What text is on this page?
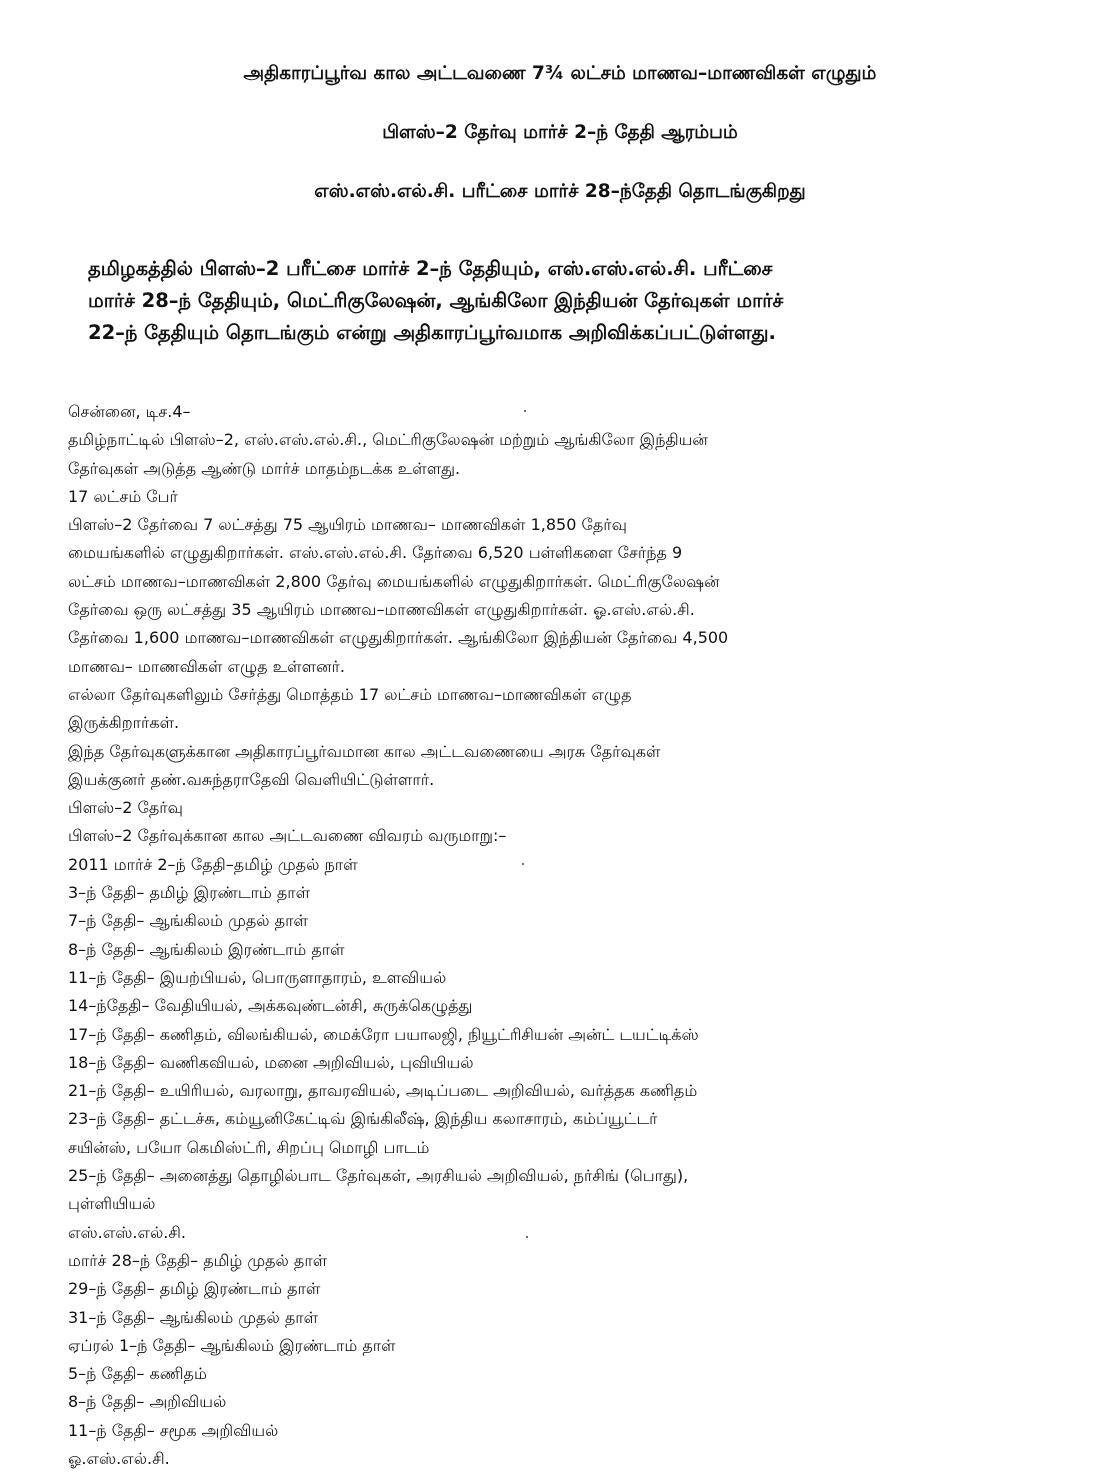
அதிகாரப்பூர்வ கால அட்டவணை 7¾ லட்சம் மாணவ–மாணவிகள் எழுதும்
பிளஸ்–2 தேர்வு மார்ச் 2–ந் தேதி ஆரம்பம்
எஸ்.எஸ்.எல்.சி. பரீட்சை மார்ச் 28–ந்தேதி தொடங்குகிறது
தமிழகத்தில் பிளஸ்–2 பரீட்சை மார்ச் 2–ந் தேதியும், எஸ்.எஸ்.எல்.சி. பரீட்சை
மார்ச் 28–ந் தேதியும், மெட்ரிகுலேஷன், ஆங்கிலோ இந்தியன் தேர்வுகள் மார்ச்
22–ந் தேதியும் தொடங்கும் என்று அதிகாரப்பூர்வமாக அறிவிக்கப்பட்டுள்ளது.
சென்னை, டிச.4–
தமிழ்நாட்டில் பிளஸ்–2, எஸ்.எஸ்.எல்.சி., மெட்ரிகுலேஷன் மற்றும் ஆங்கிலோ இந்தியன்
தேர்வுகள் அடுத்த ஆண்டு மார்ச் மாதம்நடக்க உள்ளது.
17 லட்சம் பேர்
பிளஸ்–2 தேர்வை 7 லட்சத்து 75 ஆயிரம் மாணவ– மாணவிகள் 1,850 தேர்வு
மையங்களில் எழுதுகிறார்கள். எஸ்.எஸ்.எல்.சி. தேர்வை 6,520 பள்ளிகளை சேர்ந்த 9
லட்சம் மாணவ–மாணவிகள் 2,800 தேர்வு மையங்களில் எழுதுகிறார்கள். மெட்ரிகுலேஷன்
தேர்வை ஒரு லட்சத்து 35 ஆயிரம் மாணவ–மாணவிகள் எழுதுகிறார்கள். ஓ.எஸ்.எல்.சி.
தேர்வை 1,600 மாணவ–மாணவிகள் எழுதுகிறார்கள். ஆங்கிலோ இந்தியன் தேர்வை 4,500
மாணவ– மாணவிகள் எழுத உள்ளனர்.
எல்லா தேர்வுகளிலும் சேர்த்து மொத்தம் 17 லட்சம் மாணவ–மாணவிகள் எழுத
இருக்கிறார்கள்.
இந்த தேர்வுகளுக்கான அதிகாரப்பூர்வமான கால அட்டவணையை அரசு தேர்வுகள்
இயக்குனர் தண்.வசுந்தராதேவி வெளியிட்டுள்ளார்.
பிளஸ்–2 தேர்வு
பிளஸ்–2 தேர்வுக்கான கால அட்டவணை விவரம் வருமாறு:–
2011 மார்ச் 2–ந் தேதி–தமிழ் முதல் நாள்
3–ந் தேதி– தமிழ் இரண்டாம் தாள்
7–ந் தேதி– ஆங்கிலம் முதல் தாள்
8–ந் தேதி– ஆங்கிலம் இரண்டாம் தாள்
11–ந் தேதி– இயற்பியல், பொருளாதாரம், உளவியல்
14–ந்தேதி– வேதியியல், அக்கவுண்டன்சி, சுருக்கெழுத்து
17–ந் தேதி– கணிதம், விலங்கியல், மைக்ரோ பயாலஜி, நியூட்ரிசியன் அன்ட் டயட்டிக்ஸ்
18–ந் தேதி– வணிகவியல், மனை அறிவியல், புவியியல்
21–ந் தேதி– உயிரியல், வரலாறு, தாவரவியல், அடிப்படை அறிவியல், வர்த்தக கணிதம்
23–ந் தேதி– தட்டச்சு, கம்யூனிகேட்டிவ் இங்கிலீஷ், இந்திய கலாசாரம், கம்ப்யூட்டர்
சயின்ஸ், பயோ கெமிஸ்ட்ரி, சிறப்பு மொழி பாடம்
25–ந் தேதி– அனைத்து தொழில்பாட தேர்வுகள், அரசியல் அறிவியல், நர்சிங் (பொது),
புள்ளியியல்
எஸ்.எஸ்.எல்.சி.
மார்ச் 28–ந் தேதி– தமிழ் முதல் தாள்
29–ந் தேதி– தமிழ் இரண்டாம் தாள்
31–ந் தேதி– ஆங்கிலம் முதல் தாள்
ஏப்ரல் 1–ந் தேதி– ஆங்கிலம் இரண்டாம் தாள்
5–ந் தேதி– கணிதம்
8–ந் தேதி– அறிவியல்
11–ந் தேதி– சமூக அறிவியல்
ஓ.எஸ்.எல்.சி.
